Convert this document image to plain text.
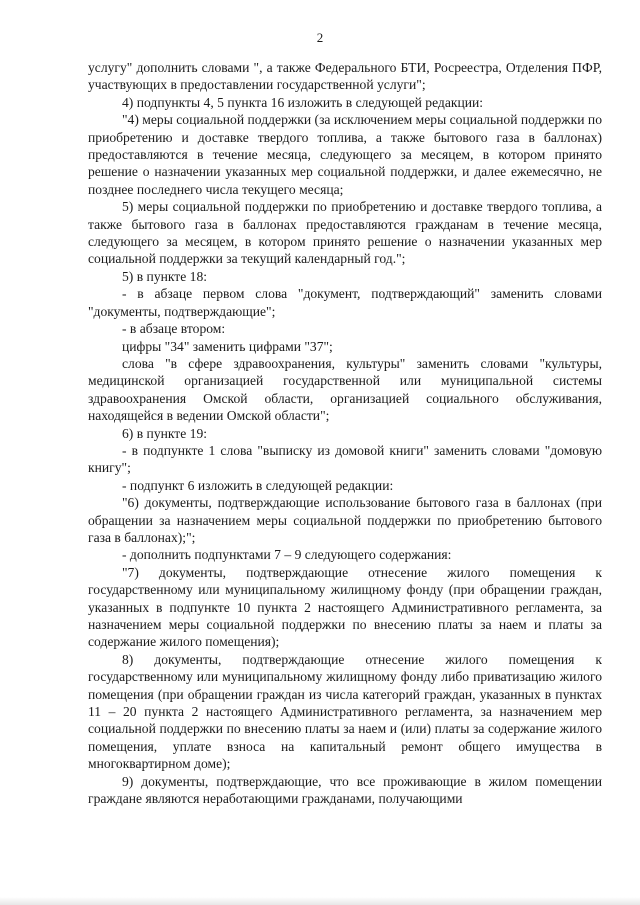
2

услугу" дополнить словами ", а также Федерального БТИ, Росреестра, Отделения ПФР, участвующих в предоставлении государственной услуги";

4) подпункты 4, 5 пункта 16 изложить в следующей редакции:

"4) меры социальной поддержки (за исключением меры социальной поддержки по приобретению и доставке твердого топлива, а также бытового газа в баллонах) предоставляются в течение месяца, следующего за месяцем, в котором принято решение о назначении указанных мер социальной поддержки, и далее ежемесячно, не позднее последнего числа текущего месяца;

5) меры социальной поддержки по приобретению и доставке твердого топлива, а также бытового газа в баллонах предоставляются гражданам в течение месяца, следующего за месяцем, в котором принято решение о назначении указанных мер социальной поддержки за текущий календарный год.";

5) в пункте 18:

- в абзаце первом слова "документ, подтверждающий" заменить словами "документы, подтверждающие";

- в абзаце втором:

цифры "34" заменить цифрами "37";

слова "в сфере здравоохранения, культуры" заменить словами "культуры, медицинской организацией государственной или муниципальной системы здравоохранения Омской области, организацией социального обслуживания, находящейся в ведении Омской области";

6) в пункте 19:

- в подпункте 1 слова "выписку из домовой книги" заменить словами "домовую книгу";

- подпункт 6 изложить в следующей редакции:

"6) документы, подтверждающие использование бытового газа в баллонах (при обращении за назначением меры социальной поддержки по приобретению бытового газа в баллонах);";

- дополнить подпунктами 7 – 9 следующего содержания:

"7) документы, подтверждающие отнесение жилого помещения к государственному или муниципальному жилищному фонду (при обращении граждан, указанных в подпункте 10 пункта 2 настоящего Административного регламента, за назначением меры социальной поддержки по внесению платы за наем и платы за содержание жилого помещения);

8) документы, подтверждающие отнесение жилого помещения к государственному или муниципальному жилищному фонду либо приватизацию жилого помещения (при обращении граждан из числа категорий граждан, указанных в пунктах 11 – 20 пункта 2 настоящего Административного регламента, за назначением мер социальной поддержки по внесению платы за наем и (или) платы за содержание жилого помещения, уплате взноса на капитальный ремонт общего имущества в многоквартирном доме);

9) документы, подтверждающие, что все проживающие в жилом помещении граждане являются неработающими гражданами, получающими
